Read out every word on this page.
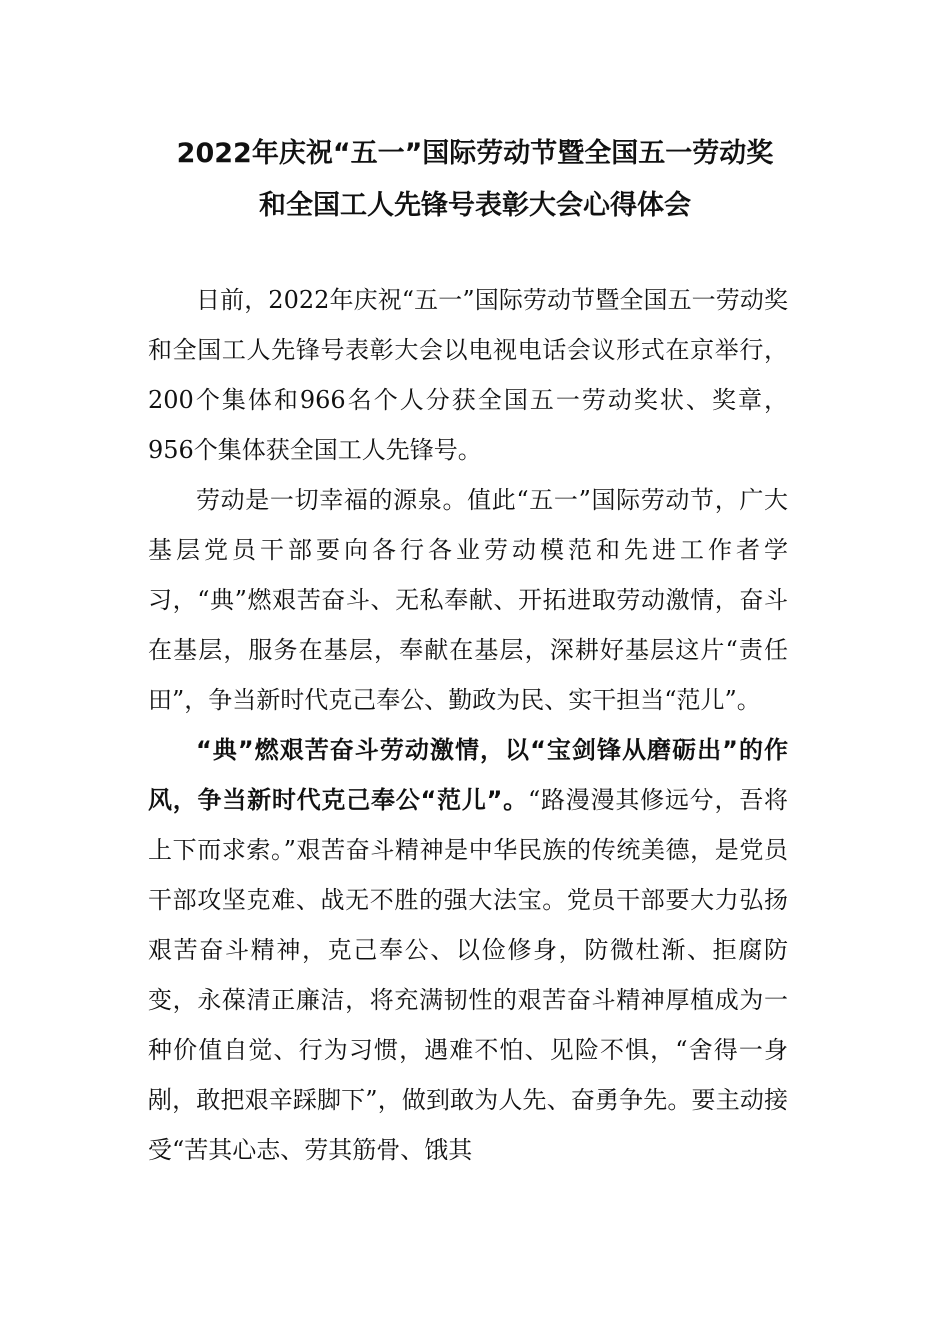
2022年庆祝“五一”国际劳动节暨全国五一劳动奖
和全国工人先锋号表彰大会心得体会

日前，2022年庆祝“五一”国际劳动节暨全国五一劳动奖和全国工人先锋号表彰大会以电视电话会议形式在京举行，200个集体和966名个人分获全国五一劳动奖状、奖章，956个集体获全国工人先锋号。

劳动是一切幸福的源泉。值此“五一”国际劳动节，广大基层党员干部要向各行各业劳动模范和先进工作者学习，“典”燃艰苦奋斗、无私奉献、开拓进取劳动激情，奋斗在基层，服务在基层，奉献在基层，深耕好基层这片“责任田”，争当新时代克己奉公、勤政为民、实干担当“范儿”。

“典”燃艰苦奋斗劳动激情，以“宝剑锋从磨砺出”的作风，争当新时代克己奉公“范儿”。“路漫漫其修远兮，吾将上下而求索。”艰苦奋斗精神是中华民族的传统美德，是党员干部攻坚克难、战无不胜的强大法宝。党员干部要大力弘扬艰苦奋斗精神，克己奉公、以俭修身，防微杜渐、拒腐防变，永葆清正廉洁，将充满韧性的艰苦奋斗精神厚植成为一种价值自觉、行为习惯，遇难不怕、见险不惧，“舍得一身剐，敢把艰辛踩脚下”，做到敢为人先、奋勇争先。要主动接受“苦其心志、劳其筋骨、饿其
